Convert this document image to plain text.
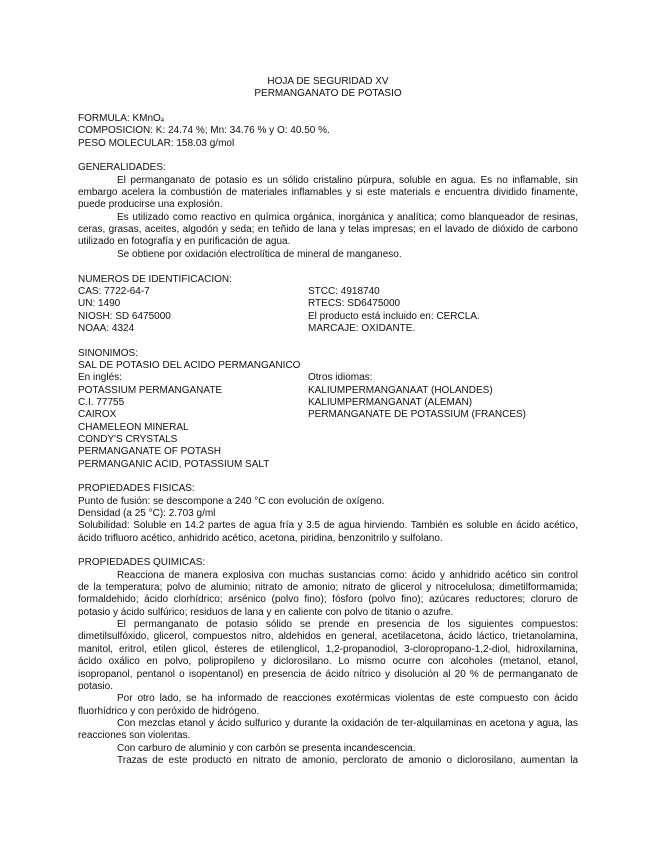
HOJA DE SEGURIDAD XV
PERMANGANATO DE POTASIO
FORMULA: KMnO$_4$
COMPOSICION: K: 24.74 %; Mn: 34.76 % y O: 40.50 %.
PESO MOLECULAR: 158.03 g/mol
GENERALIDADES:
El permanganato de potasio es un sólido cristalino púrpura, soluble en agua. Es no inflamable, sin
embargo acelera la combustión de materiales inflamables y si este materials e encuentra dividido finamente,
puede producirse una explosión.
Es utilizado como reactivo en química orgánica, inorgánica y analítica; como blanqueador de resinas,
ceras, grasas, aceites, algodón y seda; en teñido de lana y telas impresas; en el lavado de dióxido de carbono
utilizado en fotografía y en purificación de agua.
Se obtiene por oxidación electrolítica de mineral de manganeso.
NUMEROS DE IDENTIFICACION:
CAS: 7722-64-7	STCC: 4918740
UN: 1490	RTECS: SD6475000
NIOSH: SD 6475000	El producto está incluido en: CERCLA.
NOAA: 4324	MARCAJE: OXIDANTE.
SINONIMOS:
SAL DE POTASIO DEL ACIDO PERMANGANICO
En inglés:	Otros idiomas:
POTASSIUM PERMANGANATE	KALIUMPERMANGANAAT (HOLANDES)
C.I. 77755	KALIUMPERMANGANAT (ALEMAN)
CAIROX	PERMANGANATE DE POTASSIUM (FRANCES)
CHAMELEON MINERAL
CONDY'S CRYSTALS
PERMANGANATE OF POTASH
PERMANGANIC ACID, POTASSIUM SALT
PROPIEDADES FISICAS:
Punto de fusión: se descompone a 240 °C con evolución de oxígeno.
Densidad (a 25 °C): 2.703 g/ml
Solubilidad: Soluble en 14.2 partes de agua fría y 3.5 de agua hirviendo. También es soluble en ácido acético,
ácido trifluoro acético, anhidrido acético, acetona, piridina, benzonitrilo y sulfolano.
PROPIEDADES QUIMICAS:
Reacciona de manera explosiva con muchas sustancias como: ácido y anhidrido acético sin control
de la temperatura; polvo de aluminio; nitrato de amonio; nitrato de glicerol y nitrocelulosa; dimetilformamida;
formaldehido; ácido clorhídrico; arsénico (polvo fino); fósforo (polvo fino); azúcares reductores; cloruro de
potasio y ácido sulfúrico; residuos de lana y en caliente con polvo de titanio o azufre.
El permanganato de potasio sólido se prende en presencia de los siguientes compuestos:
dimetilsulfóxido, glicerol, compuestos nitro, aldehidos en general, acetilacetona, ácido láctico, trietanolamina,
manitol, eritrol, etilen glicol, ésteres de etilenglicol, 1,2-propanodiol, 3-cloropropano-1,2-diol, hidroxilamina,
ácido oxálico en polvo, polipropileno y diclorosilano. Lo mismo ocurre con alcoholes (metanol, etanol,
isopropanol, pentanol o isopentanol) en presencia de ácido nítrico y disolución al 20 % de permanganato de
potasio.
Por otro lado, se ha informado de reacciones exotérmicas violentas de este compuesto con ácido
fluorhídrico y con peróxido de hidrógeno.
Con mezclas etanol y ácido sulfurico y durante la oxidación de ter-alquilaminas en acetona y agua, las
reacciones son violentas.
Con carburo de aluminio y con carbón se presenta incandescencia.
Trazas de este producto en nitrato de amonio, perclorato de amonio o diclorosilano, aumentan la
